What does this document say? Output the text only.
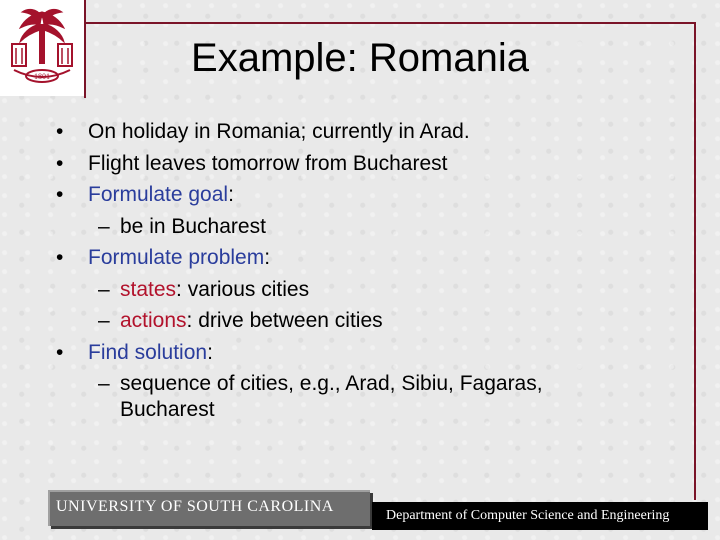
1801	Example: Romania
• On holiday in Romania; currently in Arad.
• Flight leaves tomorrow from Bucharest
• Formulate goal:
– be in Bucharest
• Formulate problem:
– states: various cities
– actions: drive between cities
• Find solution:
– sequence of cities, e.g., Arad, Sibiu, Fagaras,
Bucharest
UNIVERSITY OF SOUTH CAROLINA
Department of Computer Science and Engineering
